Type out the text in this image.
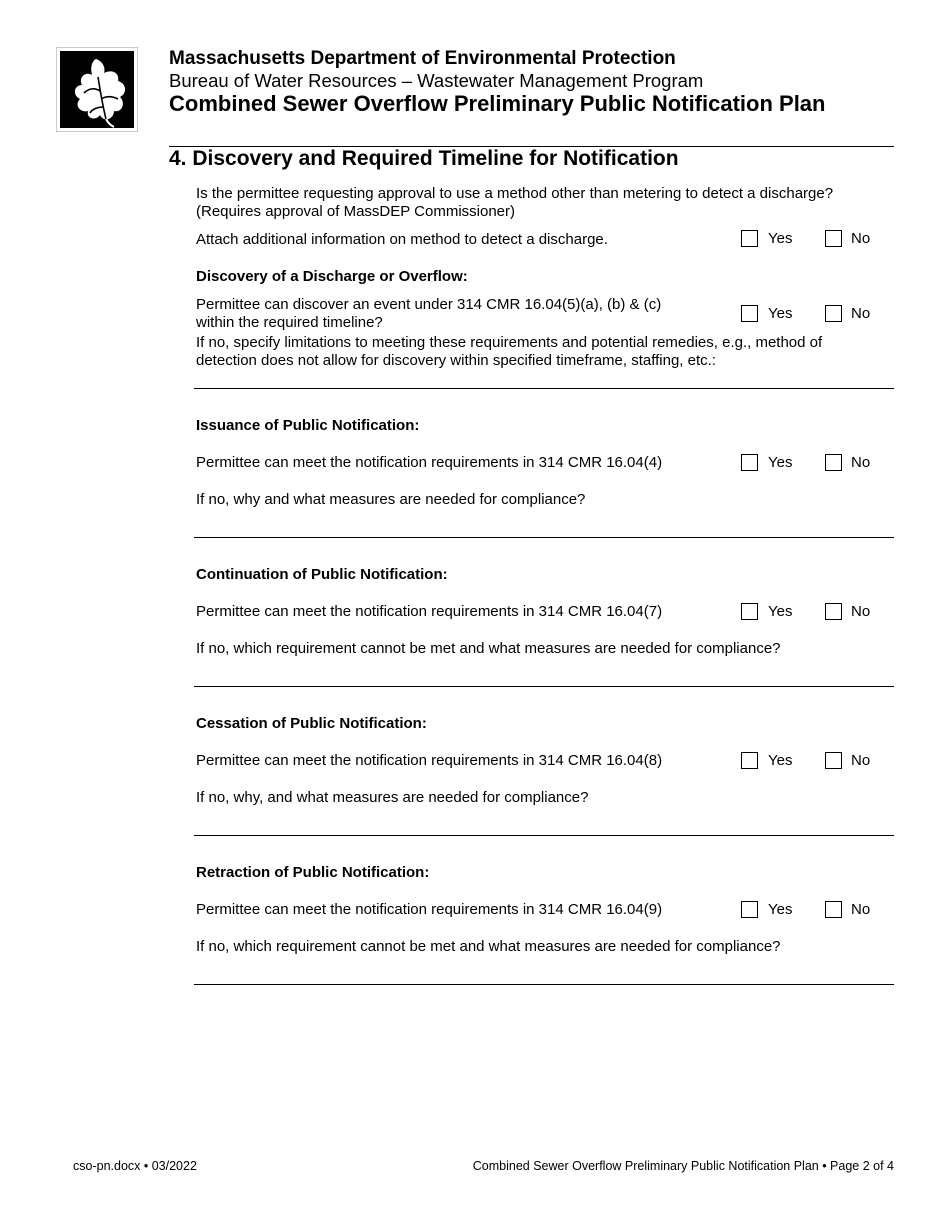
Massachusetts Department of Environmental Protection
Bureau of Water Resources – Wastewater Management Program
Combined Sewer Overflow Preliminary Public Notification Plan
4. Discovery and Required Timeline for Notification
Is the permittee requesting approval to use a method other than metering to detect a discharge?
(Requires approval of MassDEP Commissioner)
Attach additional information on method to detect a discharge.	Yes	No
Discovery of a Discharge or Overflow:
Permittee can discover an event under 314 CMR 16.04(5)(a), (b) & (c)
within the required timeline?
Yes	No
If no, specify limitations to meeting these requirements and potential remedies, e.g., method of
detection does not allow for discovery within specified timeframe, staffing, etc.:
Issuance of Public Notification:
Permittee can meet the notification requirements in 314 CMR 16.04(4)	Yes	No
If no, why and what measures are needed for compliance?
Continuation of Public Notification:
Permittee can meet the notification requirements in 314 CMR 16.04(7)	Yes	No
If no, which requirement cannot be met and what measures are needed for compliance?
Cessation of Public Notification:
Permittee can meet the notification requirements in 314 CMR 16.04(8)	Yes	No
If no, why, and what measures are needed for compliance?
Retraction of Public Notification:
Permittee can meet the notification requirements in 314 CMR 16.04(9)	Yes	No
If no, which requirement cannot be met and what measures are needed for compliance?
cso-pn.docx • 03/2022	Combined Sewer Overflow Preliminary Public Notification Plan • Page 2 of 4
